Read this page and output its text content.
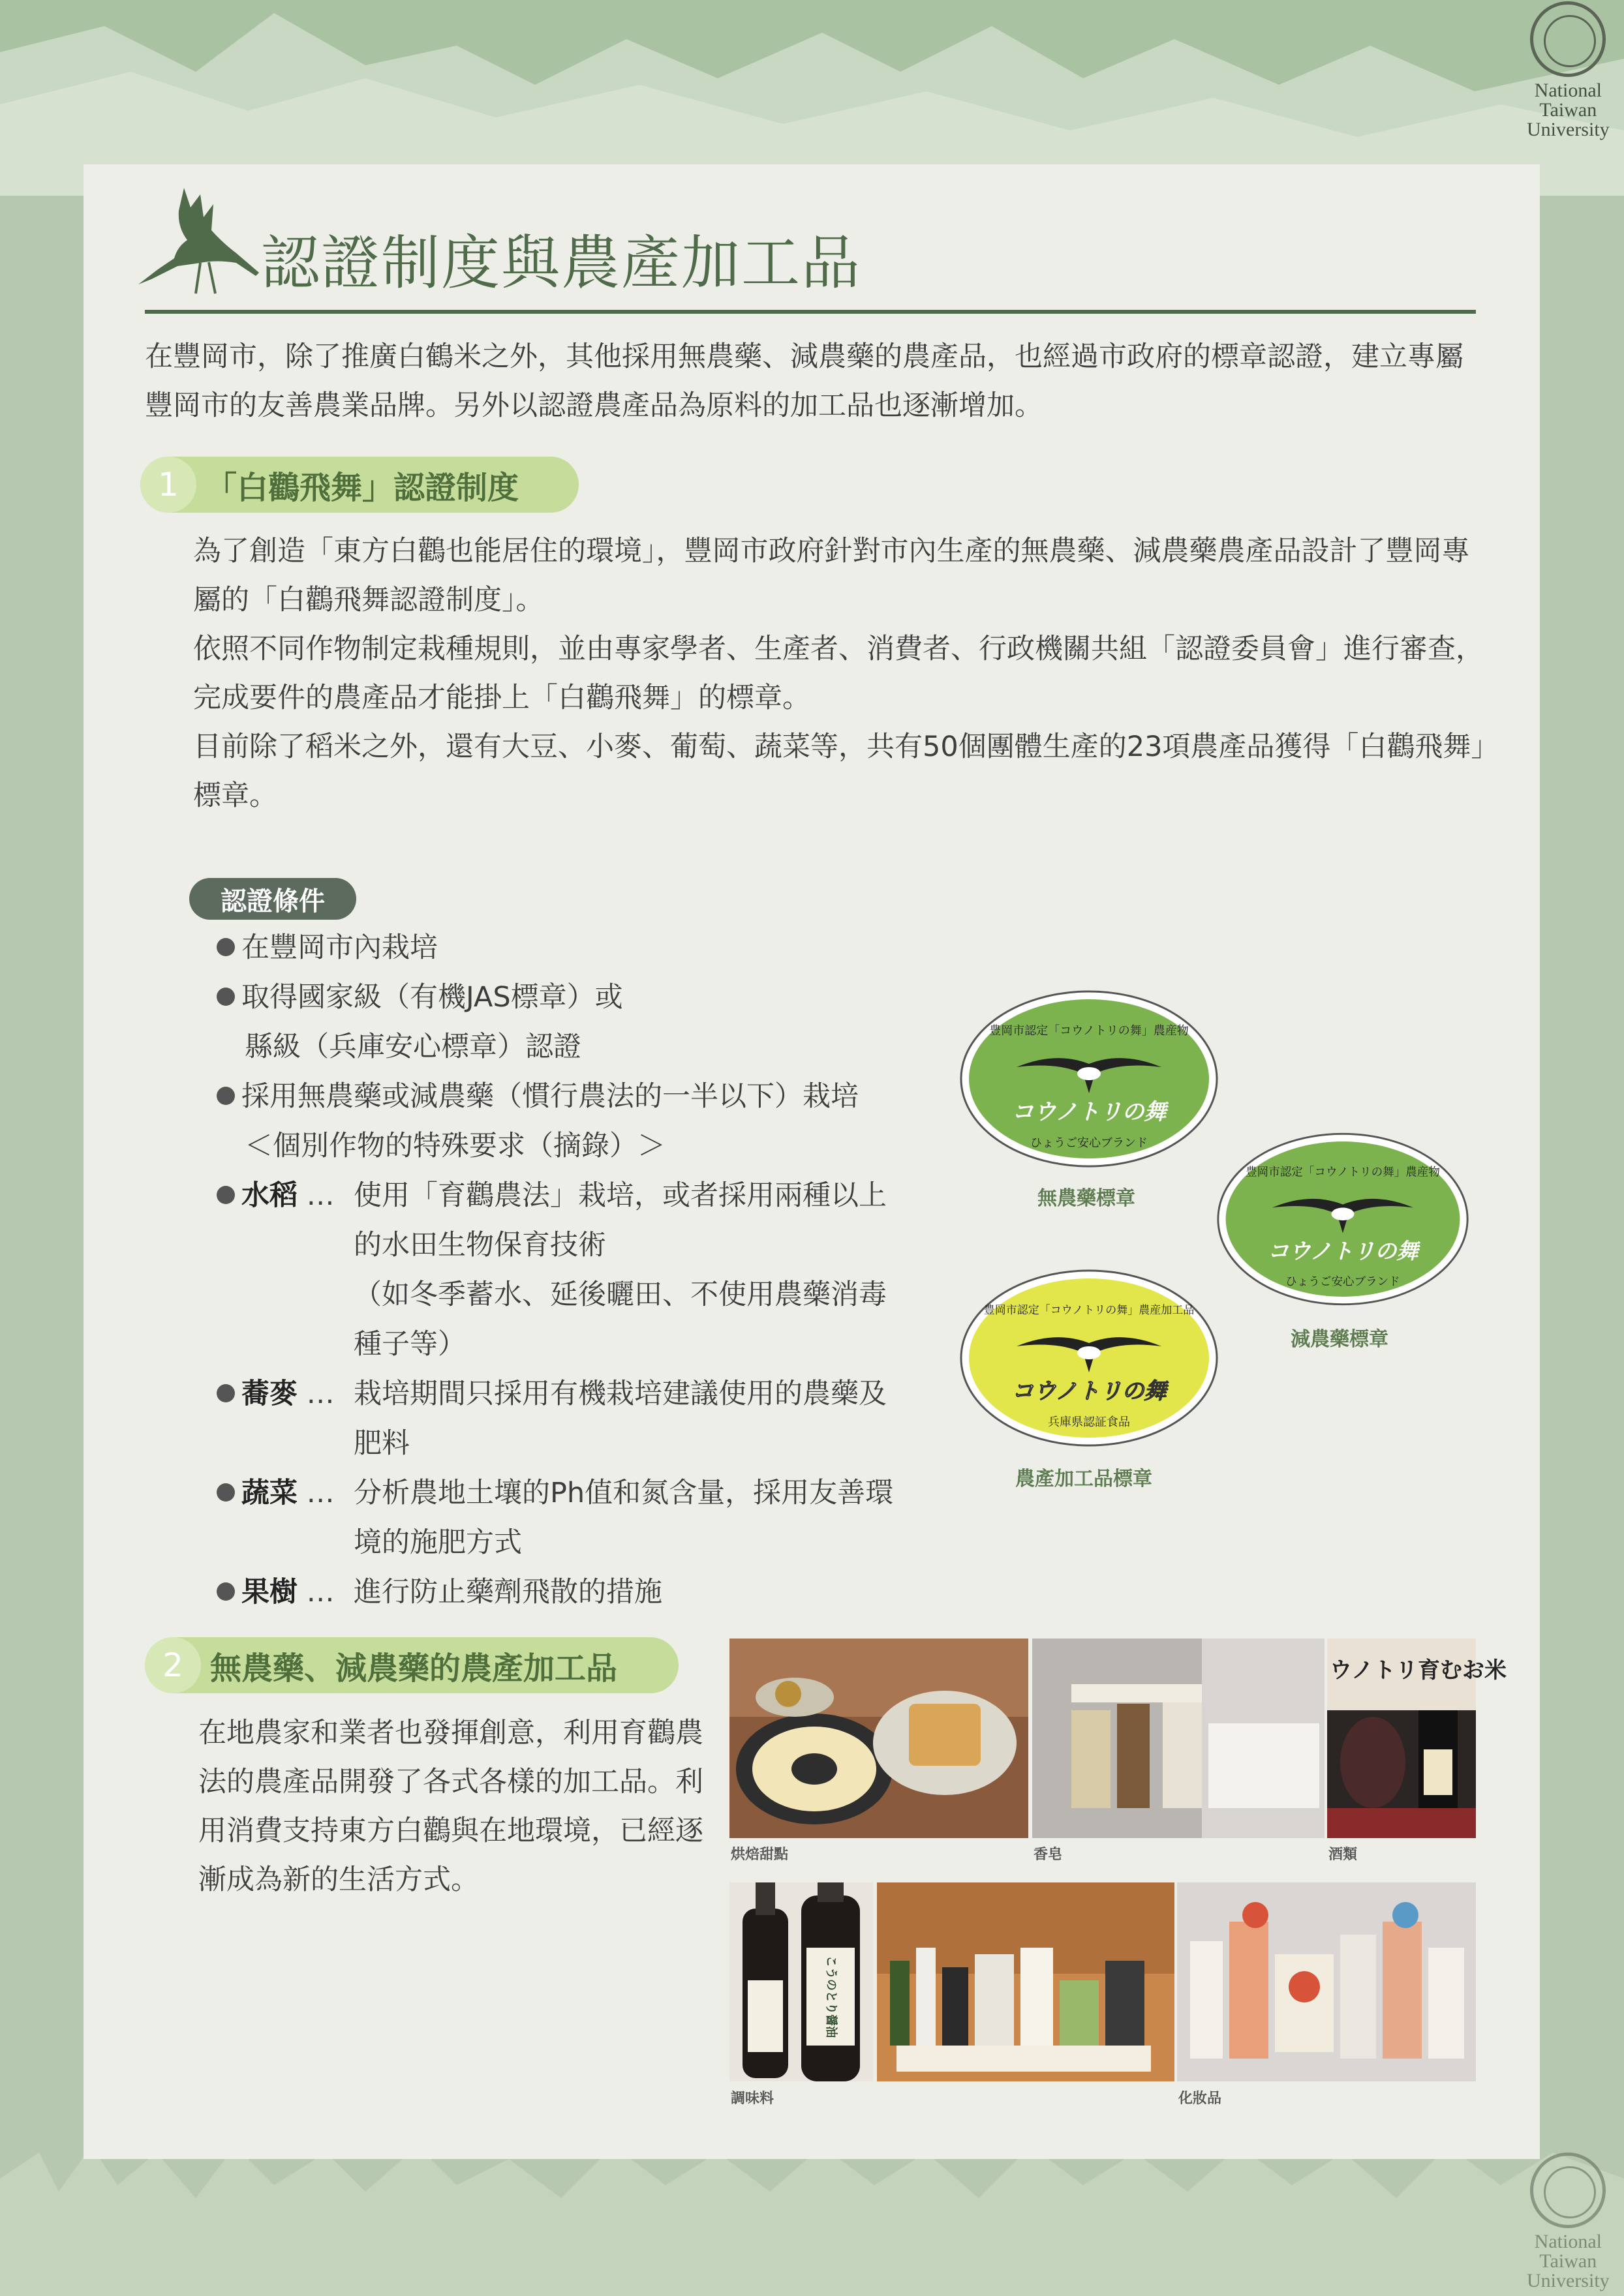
National
Taiwan
University
National
Taiwan
University
認證制度與農產加工品
在豐岡市，除了推廣白鶴米之外，其他採用無農藥、減農藥的農產品，也經過市政府的標章認證，建立專屬豐岡市的友善農業品牌。另外以認證農產品為原料的加工品也逐漸增加。
1 「白鸛飛舞」認證制度
為了創造「東方白鸛也能居住的環境」，豐岡市政府針對市內生產的無農藥、減農藥農產品設計了豐岡專屬的「白鸛飛舞認證制度」。
依照不同作物制定栽種規則，並由專家學者、生產者、消費者、行政機關共組「認證委員會」進行審查，完成要件的農產品才能掛上「白鸛飛舞」的標章。
目前除了稻米之外，還有大豆、小麥、葡萄、蔬菜等，共有50個團體生產的23項農產品獲得「白鸛飛舞」標章。
認證條件
在豐岡市內栽培
取得國家級（有機JAS標章）或
縣級（兵庫安心標章）認證
採用無農藥或減農藥（慣行農法的一半以下）栽培
＜個別作物的特殊要求（摘錄）＞
水稻 … 使用「育鸛農法」栽培，或者採用兩種以上
的水田生物保育技術
（如冬季蓄水、延後曬田、不使用農藥消毒
種子等）
蕎麥 … 栽培期間只採用有機栽培建議使用的農藥及
肥料
蔬菜 … 分析農地土壤的Ph值和氮含量，採用友善環
境的施肥方式
果樹 … 進行防止藥劑飛散的措施
豊岡市認定「コウノトリの舞」農産物
コウノトリの舞
ひょうご安心ブランド
無農藥標章
豊岡市認定「コウノトリの舞」農産物
コウノトリの舞
ひょうご安心ブランド
減農藥標章
豊岡市認定「コウノトリの舞」農産加工品
コウノトリの舞
兵庫県認証食品
農產加工品標章
2 無農藥、減農藥的農產加工品
在地農家和業者也發揮創意，利用育鸛農法的農產品開發了各式各樣的加工品。利用消費支持東方白鸛與在地環境，已經逐漸成為新的生活方式。
烘焙甜點	香皂
ウノトリ育むお米
酒類
こうのとり醤油
調味料	化妝品
